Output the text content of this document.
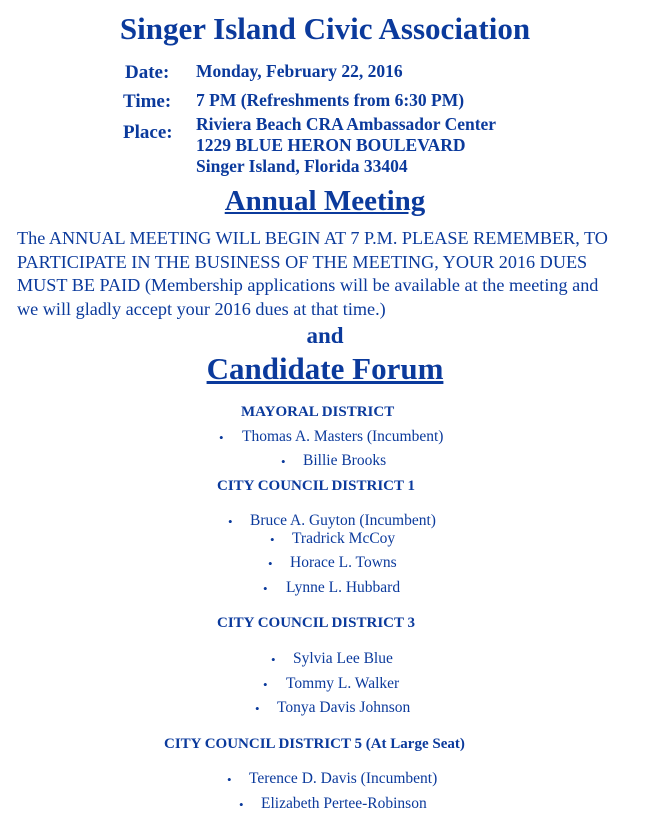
Singer Island Civic Association
Date: Monday, February 22, 2016
Time: 7 PM (Refreshments from 6:30 PM)
Place: Riviera Beach CRA Ambassador Center
1229 BLUE HERON BOULEVARD
Singer Island, Florida 33404
Annual Meeting
The ANNUAL MEETING WILL BEGIN AT 7 P.M. PLEASE REMEMBER, TO
PARTICIPATE IN THE BUSINESS OF THE MEETING, YOUR 2016 DUES
MUST BE PAID (Membership applications will be available at the meeting and
we will gladly accept your 2016 dues at that time.)
and
Candidate Forum
MAYORAL DISTRICT
• Thomas A. Masters (Incumbent)
• Billie Brooks
CITY COUNCIL DISTRICT 1
• Bruce A. Guyton (Incumbent)
• Tradrick McCoy
• Horace L. Towns
• Lynne L. Hubbard
CITY COUNCIL DISTRICT 3
• Sylvia Lee Blue
• Tommy L. Walker
• Tonya Davis Johnson
CITY COUNCIL DISTRICT 5 (At Large Seat)
• Terence D. Davis (Incumbent)
• Elizabeth Pertee-Robinson
